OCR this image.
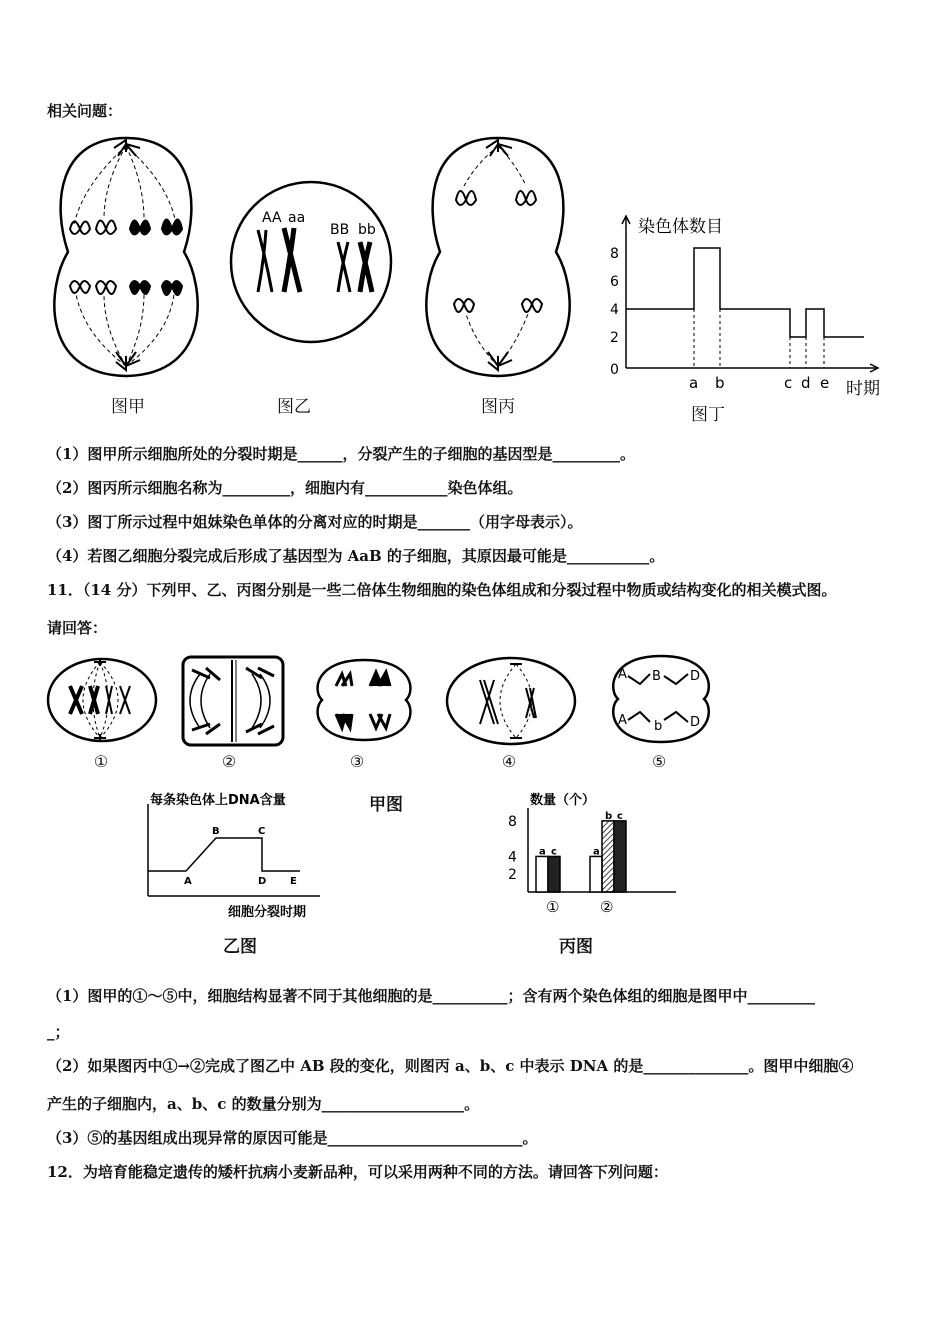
相关问题：
图甲
AA aa
BB bb
图乙	图丙
染色体数目
时期
0
2
4
6
8
a b	c d e
图丁
（1）图甲所示细胞所处的分裂时期是______，分裂产生的子细胞的基因型是_________。
（2）图丙所示细胞名称为_________，细胞内有___________染色体组。
（3）图丁所示过程中姐妹染色单体的分离对应的时期是_______（用字母表示）。
（4）若图乙细胞分裂完成后形成了基因型为 AaB 的子细胞，其原因最可能是___________。
11．（14 分）下列甲、乙、丙图分别是一些二倍体生物细胞的染色体组成和分裂过程中物质或结构变化的相关模式图。
请回答：
①	②	③	④
A B D
A b D
⑤
甲图
每条染色体上DNA含量
细胞分裂时期
A
B	C
D E
乙图
数量（个）
2
4
8
a c	a
b c
①	②
丙图
（1）图甲的①～⑤中，细胞结构显著不同于其他细胞的是__________；含有两个染色体组的细胞是图甲中_________
_；
（2）如果图丙中①→②完成了图乙中 AB 段的变化，则图丙 a、b、c 中表示 DNA 的是______________。图甲中细胞④
产生的子细胞内，a、b、c 的数量分别为___________________。
（3）⑤的基因组成出现异常的原因可能是__________________________。
12．为培育能稳定遗传的矮杆抗病小麦新品种，可以采用两种不同的方法。请回答下列问题：
